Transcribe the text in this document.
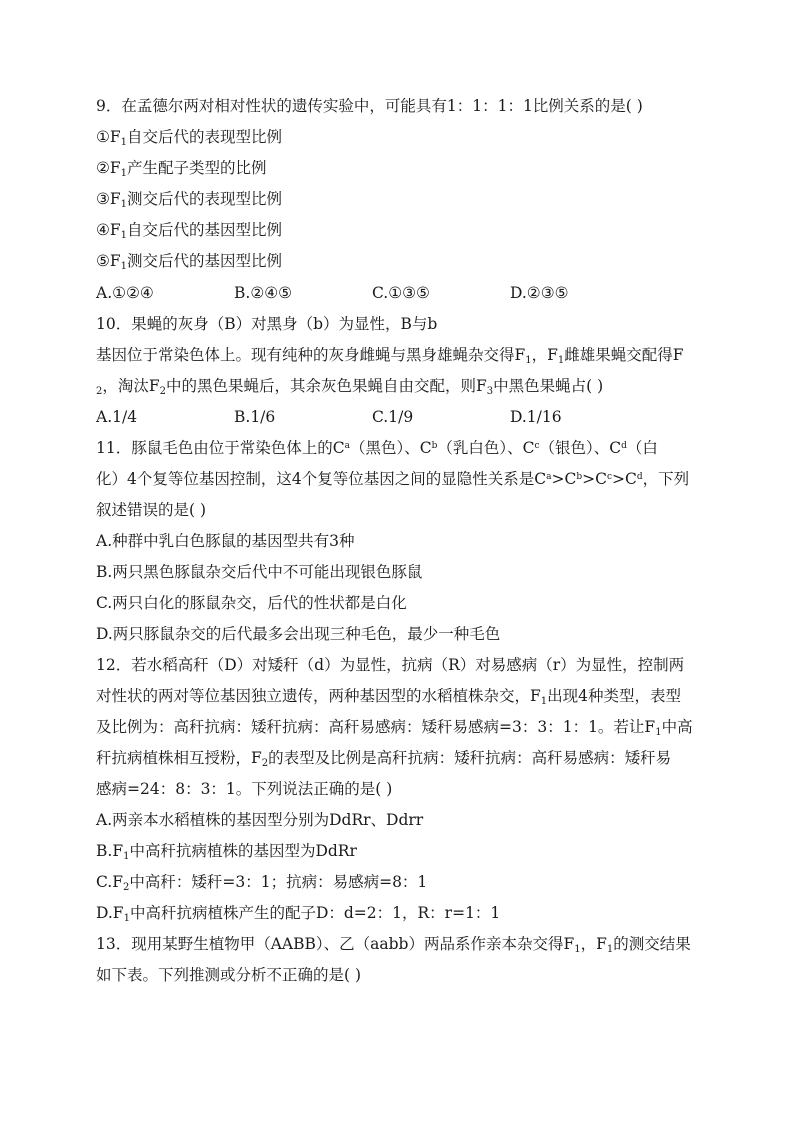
9．在孟德尔两对相对性状的遗传实验中，可能具有1：1：1：1比例关系的是( )
$①F_1$自交后代的表现型比例
$②F_1$产生配子类型的比例
$③F_1$测交后代的表现型比例
$④F_1$自交后代的基因型比例
$⑤F_1$测交后代的基因型比例
A.①②④	B.②④⑤	C.①③⑤	D.②③⑤
10．果蝇的灰身（B）对黑身（b）为显性，B与b
基因位于常染色体上。现有纯种的灰身雌蝇与黑身雄蝇杂交得$F_1$，$F_1$雌雄果蝇交配得F
$_2$，淘汰$F_2$中的黑色果蝇后，其余灰色果蝇自由交配，则$F_3$中黑色果蝇占( )
A.1/4	B.1/6	C.1/9	D.1/16
11．豚鼠毛色由位于常染色体上的$C^a$（黑色）、$C^b$（乳白色）、$C^c$（银色）、$C^d$（白
化）4个复等位基因控制，这4个复等位基因之间的显隐性关系是$C^a>C^b>C^c>C^d$，下列
叙述错误的是( )
A.种群中乳白色豚鼠的基因型共有3种
B.两只黑色豚鼠杂交后代中不可能出现银色豚鼠
C.两只白化的豚鼠杂交，后代的性状都是白化
D.两只豚鼠杂交的后代最多会出现三种毛色，最少一种毛色
12．若水稻高秆（D）对矮秆（d）为显性，抗病（R）对易感病（r）为显性，控制两
对性状的两对等位基因独立遗传，两种基因型的水稻植株杂交，$F_1$出现4种类型，表型
及比例为：高秆抗病：矮秆抗病：高秆易感病：矮秆易感病=3：3：1：1。若让$F_1$中高
秆抗病植株相互授粉，$F_2$的表型及比例是高秆抗病：矮秆抗病：高秆易感病：矮秆易
感病=24：8：3：1。下列说法正确的是( )
A.两亲本水稻植株的基因型分别为DdRr、Ddrr
$B.F_1$中高秆抗病植株的基因型为DdRr
$C.F_2$中高秆：矮秆=3：1；抗病：易感病=8：1
$D.F_1$中高秆抗病植株产生的配子D：d=2：1，R：r=1：1
13．现用某野生植物甲（AABB）、乙（aabb）两品系作亲本杂交得$F_1$，$F_1$的测交结果
如下表。下列推测或分析不正确的是( )
